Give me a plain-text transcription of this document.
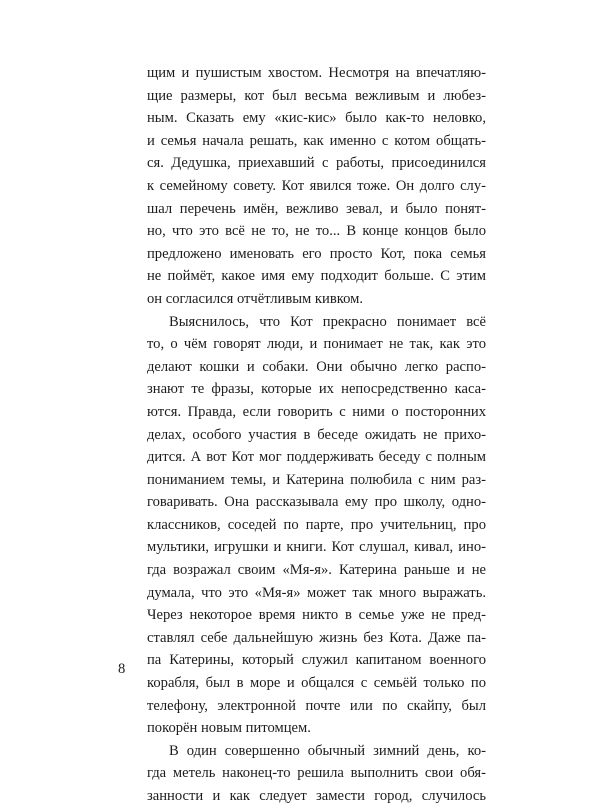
щим и пушистым хвостом. Несмотря на впечатляю-
щие размеры, кот был весьма вежливым и любез-
ным. Сказать ему «кис-кис» было как-то неловко,
и семья начала решать, как именно с котом общать-
ся. Дедушка, приехавший с работы, присоединился
к семейному совету. Кот явился тоже. Он долго слу-
шал перечень имён, вежливо зевал, и было понят-
но, что это всё не то, не то... В конце концов было
предложено именовать его просто Кот, пока семья
не поймёт, какое имя ему подходит больше. С этим
он согласился отчётливым кивком.
Выяснилось, что Кот прекрасно понимает всё
то, о чём говорят люди, и понимает не так, как это
делают кошки и собаки. Они обычно легко распо-
знают те фразы, которые их непосредственно каса-
ются. Правда, если говорить с ними о посторонних
делах, особого участия в беседе ожидать не прихо-
дится. А вот Кот мог поддерживать беседу с полным
пониманием темы, и Катерина полюбила с ним раз-
говаривать. Она рассказывала ему про школу, одно-
классников, соседей по парте, про учительниц, про
мультики, игрушки и книги. Кот слушал, кивал, ино-
гда возражал своим «Мя-я». Катерина раньше и не
думала, что это «Мя-я» может так много выражать.
Через некоторое время никто в семье уже не пред-
ставлял себе дальнейшую жизнь без Кота. Даже па-
па Катерины, который служил капитаном военного
корабля, был в море и общался с семьёй только по
телефону, электронной почте или по скайпу, был
покорён новым питомцем.
В один совершенно обычный зимний день, ко-
гда метель наконец-то решила выполнить свои обя-
занности и как следует замести город, случилось
8
